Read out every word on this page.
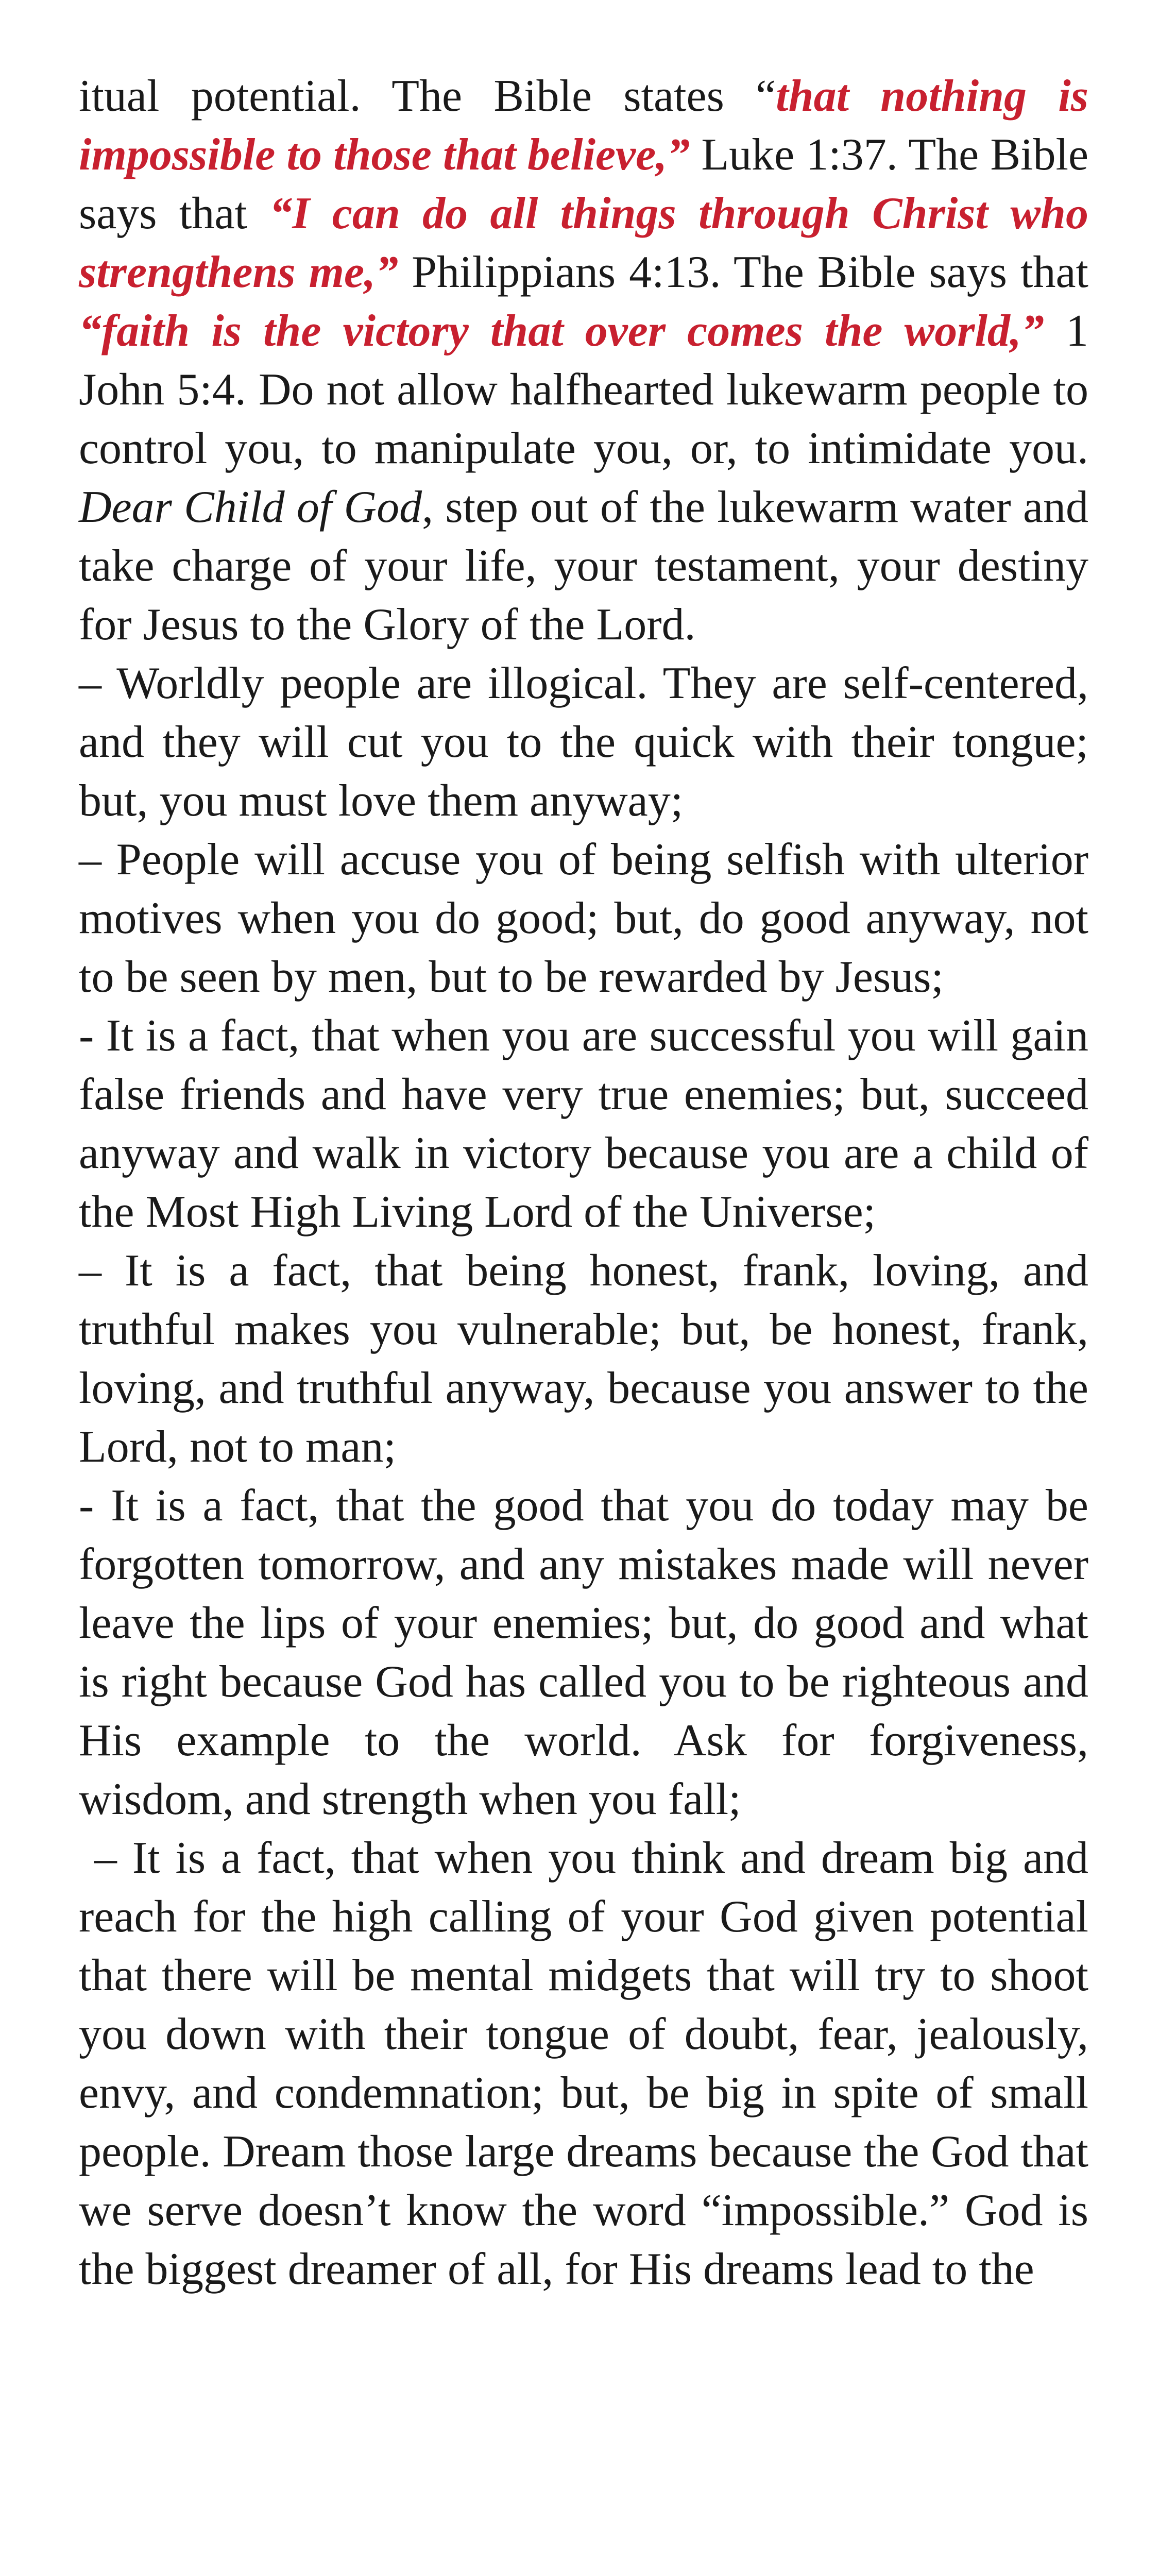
itual potential. The Bible states “that nothing is impossible to those that believe,” Luke 1:37. The Bible says that “I can do all things through Christ who strengthens me,” Philippians 4:13. The Bible says that “faith is the victory that over comes the world,” 1 John 5:4. Do not allow halfhearted lukewarm people to control you, to manipulate you, or, to intimidate you. Dear Child of God, step out of the lukewarm water and take charge of your life, your testament, your destiny for Jesus to the Glory of the Lord.

– Worldly people are illogical. They are self-centered, and they will cut you to the quick with their tongue; but, you must love them anyway;

– People will accuse you of being selfish with ulterior motives when you do good; but, do good anyway, not to be seen by men, but to be rewarded by Jesus;

- It is a fact, that when you are successful you will gain false friends and have very true enemies; but, succeed anyway and walk in victory because you are a child of the Most High Living Lord of the Universe;

– It is a fact, that being honest, frank, loving, and truthful makes you vulnerable; but, be honest, frank, loving, and truthful anyway, because you answer to the Lord, not to man;

- It is a fact, that the good that you do today may be forgotten tomorrow, and any mistakes made will never leave the lips of your enemies; but, do good and what is right because God has called you to be righteous and His example to the world. Ask for forgiveness, wisdom, and strength when you fall;

– It is a fact, that when you think and dream big and reach for the high calling of your God given potential that there will be mental midgets that will try to shoot you down with their tongue of doubt, fear, jealously, envy, and condemnation; but, be big in spite of small people. Dream those large dreams because the God that we serve doesn’t know the word “impossible.” God is the biggest dreamer of all, for His dreams lead to the
